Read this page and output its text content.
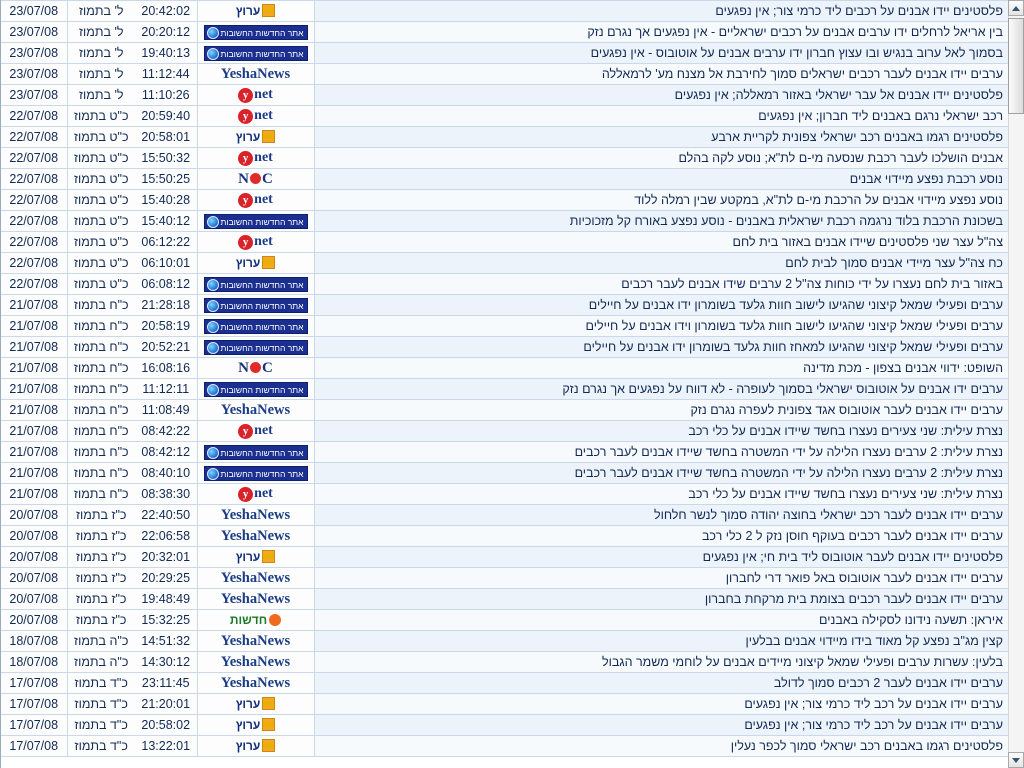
פלסטינים יידו אבנים על רכבים ליד כרמי צור; אין נפגעים	ערוץ	20:42:02	ל' בתמוז	23/07/08
בין אריאל לרחלים ידו ערבים אבנים על רכבים ישראליים - אין נפגעים אך נגרם נזק	אתר החדשות החשובות	20:20:12	ל' בתמוז	23/07/08
בסמוך לאל ערוב בנגיש ובו עצוץ חברון ידו ערבים אבנים על אוטובוס - אין נפגעים	אתר החדשות החשובות	19:40:13	ל' בתמוז	23/07/08
ערבים יידו אבנים לעבר רכבים ישראלים סמוך לחירבת אל מצנח מע' לרמאללה	YeshaNews	11:12:44	ל' בתמוז	23/07/08
פלסטינים יידו אבנים אל עבר ישראלי באזור רמאללה; אין נפגעים	y net	11:10:26	ל' בתמוז	23/07/08
רכב ישראלי נרגם באבנים ליד חברון; אין נפגעים	y net	20:59:40	כ"ט בתמוז	22/07/08
פלסטינים רגמו באבנים רכב ישראלי צפונית לקריית ארבע	ערוץ	20:58:01	כ"ט בתמוז	22/07/08
אבנים הושלכו לעבר רכבת שנסעה מי-ם לת"א; נוסע לקה בהלם	y net	15:50:32	כ"ט בתמוז	22/07/08
נוסע רכבת נפצע מיידוי אבנים	N C	15:50:25	כ"ט בתמוז	22/07/08
נוסע נפצע מיידוי אבנים על הרכבת מי-ם לת"א, במקטע שבין רמלה ללוד	y net	15:40:28	כ"ט בתמוז	22/07/08
בשכונת הרכבת בלוד נרגמה רכבת ישראלית באבנים - נוסע נפצע באורח קל מזכוכיות	אתר החדשות החשובות	15:40:12	כ"ט בתמוז	22/07/08
צה"ל עצר שני פלסטינים שיידו אבנים באזור בית לחם	y net	06:12:22	כ"ט בתמוז	22/07/08
כח צה"ל עצר מיידי אבנים סמוך לבית לחם	ערוץ	06:10:01	כ"ט בתמוז	22/07/08
באזור בית לחם נעצרו על ידי כוחות צה"ל 2 ערבים שידו אבנים לעבר רכבים	אתר החדשות החשובות	06:08:12	כ"ט בתמוז	22/07/08
ערבים ופעילי שמאל קיצוני שהגיעו לישוב חוות גלעד בשומרון ידו אבנים על חיילים	אתר החדשות החשובות	21:28:18	כ"ח בתמוז	21/07/08
ערבים ופעילי שמאל קיצוני שהגיעו לישוב חוות גלעד בשומרון וידו אבנים על חיילים	אתר החדשות החשובות	20:58:19	כ"ח בתמוז	21/07/08
ערבים ופעילי שמאל קיצוני שהגיעו למאחז חוות גלעד בשומרון ידו אבנים על חיילים	אתר החדשות החשובות	20:52:21	כ"ח בתמוז	21/07/08
השופט: ידווי אבנים בצפון - מכת מדינה	N C	16:08:16	כ"ח בתמוז	21/07/08
ערבים ידו אבנים על אוטובוס ישראלי בסמוך לעופרה - לא דווח על נפגעים אך נגרם נזק	אתר החדשות החשובות	11:12:11	כ"ח בתמוז	21/07/08
ערבים יידו אבנים לעבר אוטובוס אגד צפונית לעפרה נגרם נזק	YeshaNews	11:08:49	כ"ח בתמוז	21/07/08
נצרת עילית: שני צעירים נעצרו בחשד שיידו אבנים על כלי רכב	y net	08:42:22	כ"ח בתמוז	21/07/08
נצרת עילית: 2 ערבים נעצרו הלילה על ידי המשטרה בחשד שיידו אבנים לעבר רכבים	אתר החדשות החשובות	08:42:12	כ"ח בתמוז	21/07/08
נצרת עילית: 2 ערבים נעצרו הלילה על ידי המשטרה בחשד שיידו אבנים לעבר רכבים	אתר החדשות החשובות	08:40:10	כ"ח בתמוז	21/07/08
נצרת עילית: שני צעירים נעצרו בחשד שיידו אבנים על כלי רכב	y net	08:38:30	כ"ח בתמוז	21/07/08
ערבים יידו אבנים לעבר רכב ישראלי בחוצה יהודה סמוך לנשר חלחול	YeshaNews	22:40:50	כ"ז בתמוז	20/07/08
ערבים יידו אבנים לעבר רכבים בעוקף חוסן נזק ל 2 כלי רכב	YeshaNews	22:06:58	כ"ז בתמוז	20/07/08
פלסטינים יידו אבנים לעבר אוטובוס ליד בית חי; אין נפגעים	ערוץ	20:32:01	כ"ז בתמוז	20/07/08
ערבים יידו אבנים לעבר אוטובוס באל פואר דרי לחברון	YeshaNews	20:29:25	כ"ז בתמוז	20/07/08
ערבים יידו אבנים לעבר רכבים בצומת בית מרקחת בחברון	YeshaNews	19:48:49	כ"ז בתמוז	20/07/08
איראן: תשעה נידונו לסקילה באבנים	חדשות	15:32:25	כ"ז בתמוז	20/07/08
קצין מג"ב נפצע קל מאוד בידו מיידוי אבנים בבלעין	YeshaNews	14:51:32	כ"ה בתמוז	18/07/08
בלעין: עשרות ערבים ופעילי שמאל קיצוני מיידים אבנים על לוחמי משמר הגבול	YeshaNews	14:30:12	כ"ה בתמוז	18/07/08
ערבים יידו אבנים לעבר 2 רכבים סמוך לדולב	YeshaNews	23:11:45	כ"ד בתמוז	17/07/08
ערבים יידו אבנים על רכב ליד כרמי צור; אין נפגעים	ערוץ	21:20:01	כ"ד בתמוז	17/07/08
ערבים יידו אבנים על רכב ליד כרמי צור; אין נפגעים	ערוץ	20:58:02	כ"ד בתמוז	17/07/08
פלסטינים רגמו באבנים רכב ישראלי סמוך לכפר נעלין	ערוץ	13:22:01	כ"ד בתמוז	17/07/08
